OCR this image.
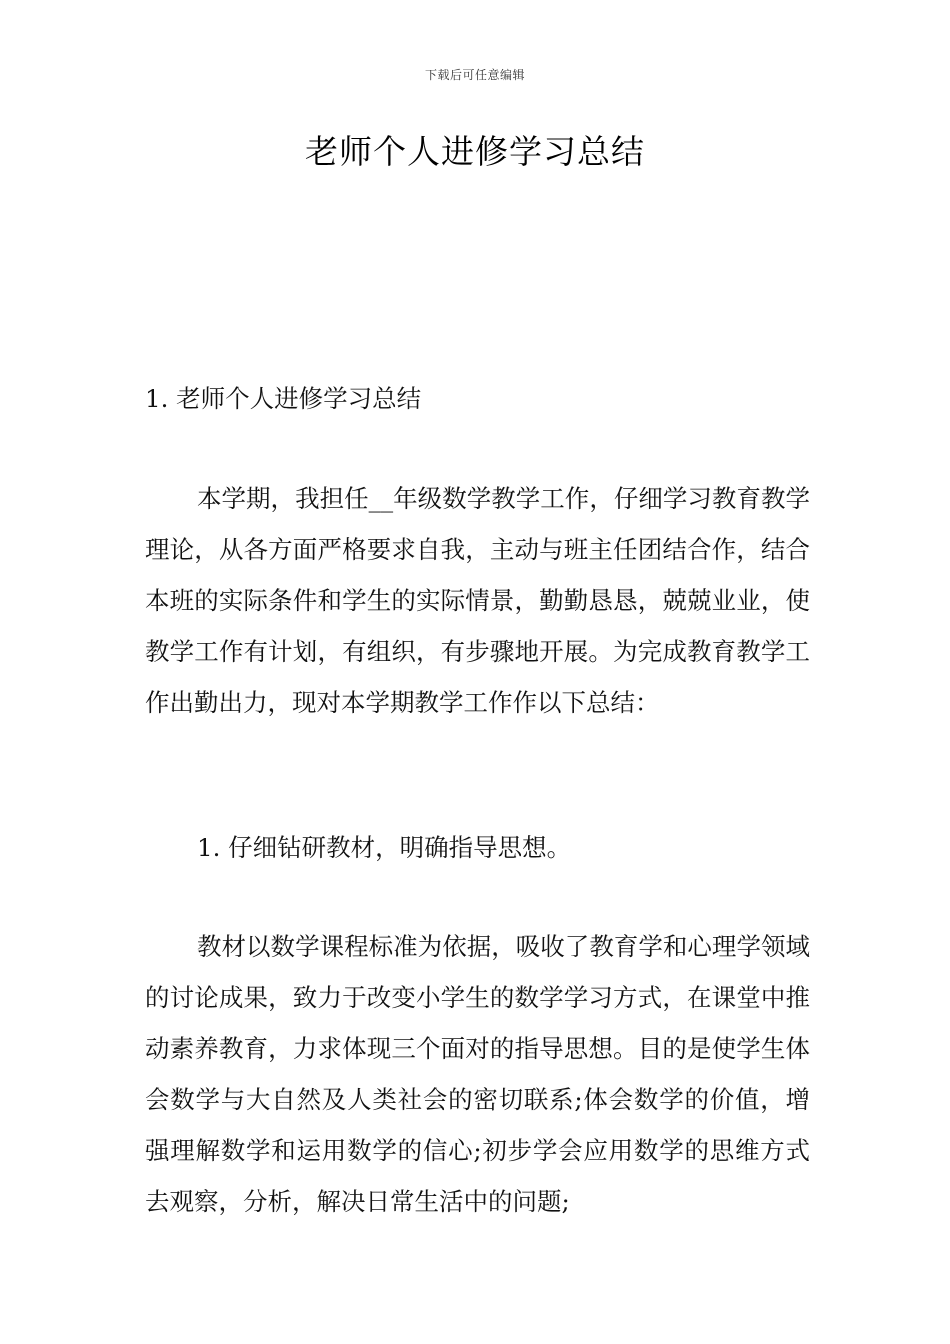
下载后可任意编辑
老师个人进修学习总结

1. 老师个人进修学习总结

本学期，我担任__年级数学教学工作，仔细学习教育教学理论，从各方面严格要求自我，主动与班主任团结合作，结合本班的实际条件和学生的实际情景，勤勤恳恳，兢兢业业，使教学工作有计划，有组织，有步骤地开展。为完成教育教学工作出勤出力，现对本学期教学工作作以下总结：

1. 仔细钻研教材，明确指导思想。

教材以数学课程标准为依据，吸收了教育学和心理学领域的讨论成果，致力于改变小学生的数学学习方式，在课堂中推动素养教育，力求体现三个面对的指导思想。目的是使学生体会数学与大自然及人类社会的密切联系;体会数学的价值，增强理解数学和运用数学的信心;初步学会应用数学的思维方式去观察，分析，解决日常生活中的问题;
